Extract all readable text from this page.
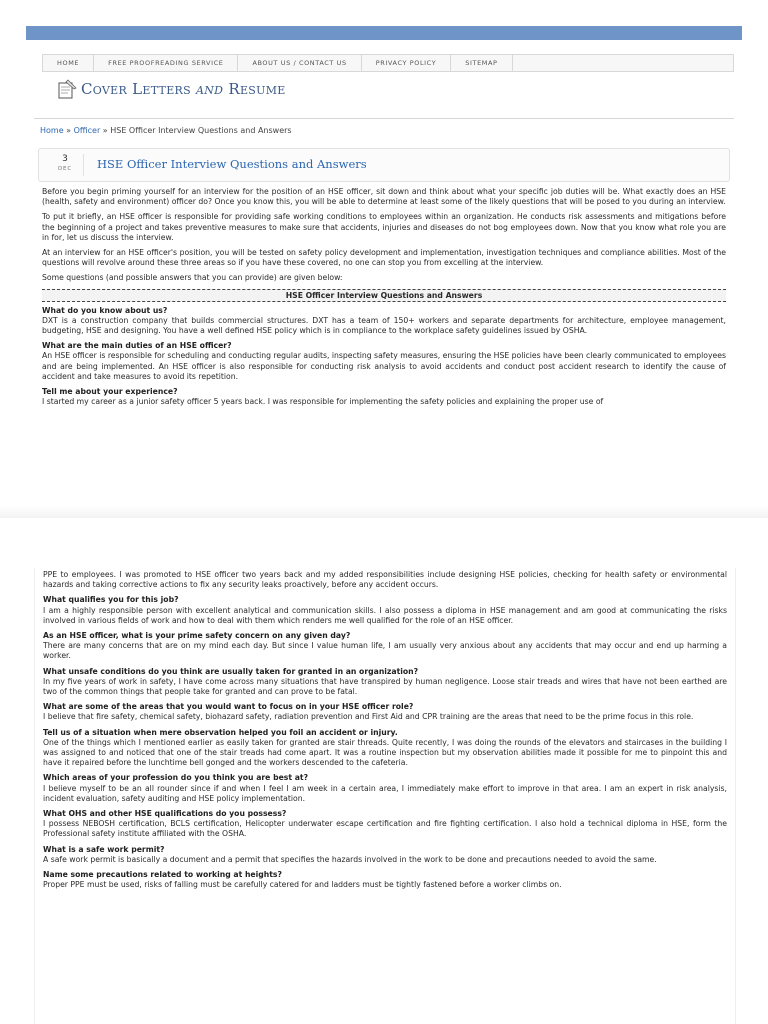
HOME	FREE PROOFREADING SERVICE	ABOUT US / CONTACT US	PRIVACY POLICY	SITEMAP
Cover Letters and Resume
Home » Officer » HSE Officer Interview Questions and Answers
3
DEC	HSE Officer Interview Questions and Answers

Before you begin priming yourself for an interview for the position of an HSE officer, sit down and think about what your specific job duties will be. What exactly does an HSE (health, safety and environment) officer do? Once you know this, you will be able to determine at least some of the likely questions that will be posed to you during an interview.

To put it briefly, an HSE officer is responsible for providing safe working conditions to employees within an organization. He conducts risk assessments and mitigations before the beginning of a project and takes preventive measures to make sure that accidents, injuries and diseases do not bog employees down. Now that you know what role you are in for, let us discuss the interview.

At an interview for an HSE officer's position, you will be tested on safety policy development and implementation, investigation techniques and compliance abilities. Most of the questions will revolve around these three areas so if you have these covered, no one can stop you from excelling at the interview.

Some questions (and possible answers that you can provide) are given below:

HSE Officer Interview Questions and Answers
What do you know about us?
DXT is a construction company that builds commercial structures. DXT has a team of 150+ workers and separate departments for architecture, employee management, budgeting, HSE and designing. You have a well defined HSE policy which is in compliance to the workplace safety guidelines issued by OSHA.
What are the main duties of an HSE officer?
An HSE officer is responsible for scheduling and conducting regular audits, inspecting safety measures, ensuring the HSE policies have been clearly communicated to employees and are being implemented. An HSE officer is also responsible for conducting risk analysis to avoid accidents and conduct post accident research to identify the cause of accident and take measures to avoid its repetition.
Tell me about your experience?
I started my career as a junior safety officer 5 years back. I was responsible for implementing the safety policies and explaining the proper use of

PPE to employees. I was promoted to HSE officer two years back and my added responsibilities include designing HSE policies, checking for health safety or environmental hazards and taking corrective actions to fix any security leaks proactively, before any accident occurs.

What qualifies you for this job?
I am a highly responsible person with excellent analytical and communication skills. I also possess a diploma in HSE management and am good at communicating the risks involved in various fields of work and how to deal with them which renders me well qualified for the role of an HSE officer.
As an HSE officer, what is your prime safety concern on any given day?
There are many concerns that are on my mind each day. But since I value human life, I am usually very anxious about any accidents that may occur and end up harming a worker.
What unsafe conditions do you think are usually taken for granted in an organization?
In my five years of work in safety, I have come across many situations that have transpired by human negligence. Loose stair treads and wires that have not been earthed are two of the common things that people take for granted and can prove to be fatal.
What are some of the areas that you would want to focus on in your HSE officer role?
I believe that fire safety, chemical safety, biohazard safety, radiation prevention and First Aid and CPR training are the areas that need to be the prime focus in this role.
Tell us of a situation when mere observation helped you foil an accident or injury.
One of the things which I mentioned earlier as easily taken for granted are stair threads. Quite recently, I was doing the rounds of the elevators and staircases in the building I was assigned to and noticed that one of the stair treads had come apart. It was a routine inspection but my observation abilities made it possible for me to pinpoint this and have it repaired before the lunchtime bell gonged and the workers descended to the cafeteria.
Which areas of your profession do you think you are best at?
I believe myself to be an all rounder since if and when I feel I am week in a certain area, I immediately make effort to improve in that area. I am an expert in risk analysis, incident evaluation, safety auditing and HSE policy implementation.
What OHS and other HSE qualifications do you possess?
I possess NEBOSH certification, BCLS certification, Helicopter underwater escape certification and fire fighting certification. I also hold a technical diploma in HSE, form the Professional safety institute affiliated with the OSHA.
What is a safe work permit?
A safe work permit is basically a document and a permit that specifies the hazards involved in the work to be done and precautions needed to avoid the same.
Name some precautions related to working at heights?
Proper PPE must be used, risks of falling must be carefully catered for and ladders must be tightly fastened before a worker climbs on.
